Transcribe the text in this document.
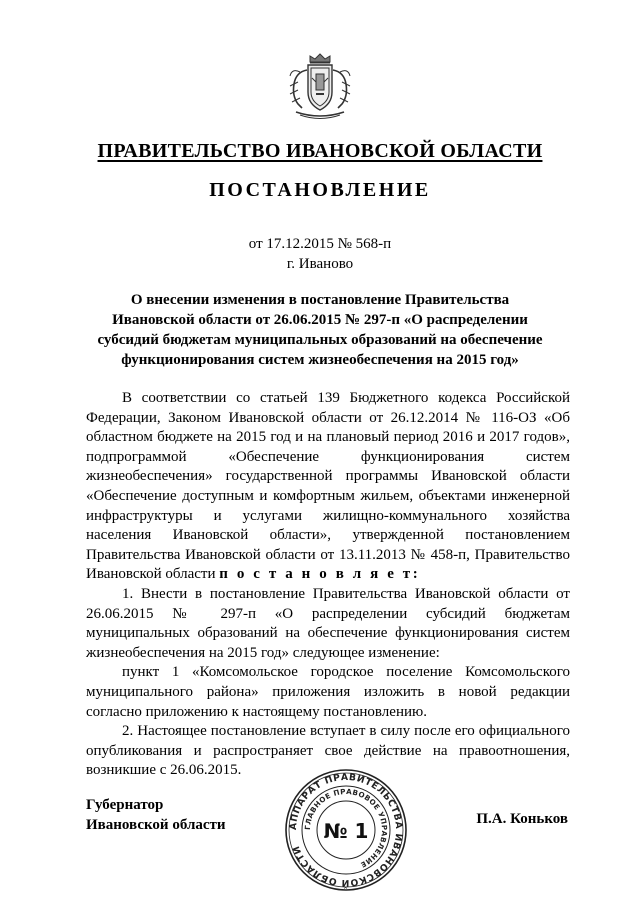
ПРАВИТЕЛЬСТВО ИВАНОВСКОЙ ОБЛАСТИ
ПОСТАНОВЛЕНИЕ
от 17.12.2015 № 568-п
г. Иваново
О внесении изменения в постановление Правительства
Ивановской области от 26.06.2015 № 297-п «О распределении
субсидий бюджетам муниципальных образований на обеспечение
функционирования систем жизнеобеспечения на 2015 год»

В соответствии со статьей 139 Бюджетного кодекса Российской Федерации, Законом Ивановской области от 26.12.2014 № 116-ОЗ «Об областном бюджете на 2015 год и на плановый период 2016 и 2017 годов», подпрограммой «Обеспечение функционирования систем жизнеобеспечения» государственной программы Ивановской области «Обеспечение доступным и комфортным жильем, объектами инженерной инфраструктуры и услугами жилищно-коммунального хозяйства населения Ивановской области», утвержденной постановлением Правительства Ивановской области от 13.11.2013 № 458-п, Правительство Ивановской области п о с т а н о в л я е т:

1. Внести в постановление Правительства Ивановской области от 26.06.2015 № 297-п «О распределении субсидий бюджетам муниципальных образований на обеспечение функционирования систем жизнеобеспечения на 2015 год» следующее изменение:

пункт 1 «Комсомольское городское поселение Комсомольского муниципального района» приложения изложить в новой редакции согласно приложению к настоящему постановлению.

2. Настоящее постановление вступает в силу после его официального опубликования и распространяет свое действие на правоотношения, возникшие с 26.06.2015.

Губернатор
Ивановской области	П.А. Коньков
АППАРАТ ПРАВИТЕЛЬСТВА ИВАНОВСКОЙ ОБЛАСТИ
ГЛАВНОЕ ПРАВОВОЕ УПРАВЛЕНИЕ
№ 1
